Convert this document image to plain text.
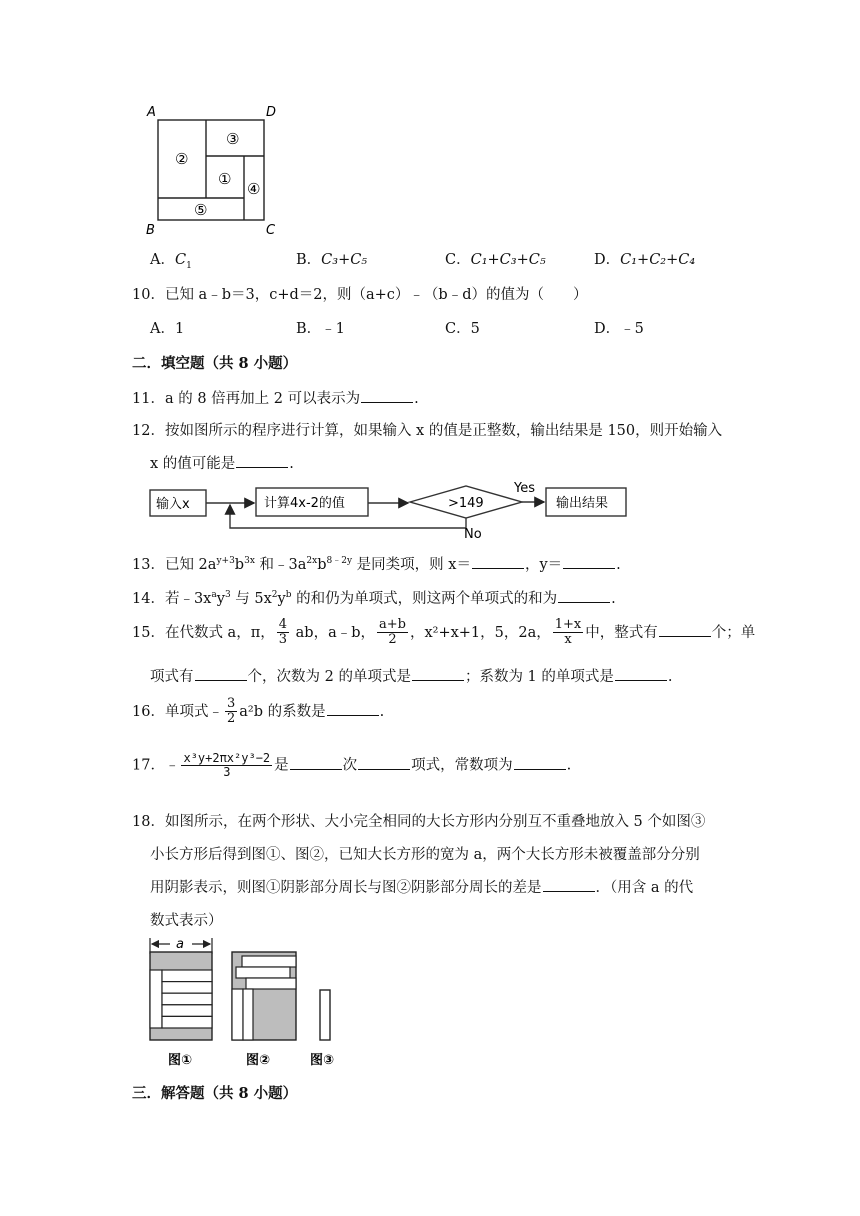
A	D
B	C
②
③
①
④
⑤
A．$C_1$	B．C₃+C₅	C．C₁+C₃+C₅	D．C₁+C₂+C₄
10．已知 a﹣b＝3，c+d＝2，则（a+c）﹣（b﹣d）的值为（　　）
A．1	B．﹣1	C．5	D．﹣5
二．填空题（共 8 小题）
11．a 的 8 倍再加上 2 可以表示为	.
12．按如图所示的程序进行计算，如果输入 x 的值是正整数，输出结果是 150，则开始输入
x 的值可能是	.
输入x	计算4x-2的值	>149
Yes
No
输出结果
13．已知 $2a^{y+3}b^{3x}$ 和$﹣3a^{2x}b^{8﹣2y}$ 是同类项，则 x＝	，y＝	.
14．若$﹣3x^ay^3$ 与 $5x^2y^b$ 的和仍为单项式，则这两个单项式的和为	.
15．在代数式 a，π， $\frac{4}{3}$ ab，a﹣b， $\frac{a+b}{2}$ ，x²+x+1，5，2a， $\frac{1+x}{x}$ 中，整式有	个；单
项式有	个，次数为 2 的单项式是	；系数为 1 的单项式是	.
16．单项式﹣ $\frac{3}{2} a^2b$ 的系数是	.
17．﹣ $\frac{\text{x³y+2πx²y³−2}}{3}$ 是	次	项式，常数项为	.
18．如图所示，在两个形状、大小完全相同的大长方形内分别互不重叠地放入 5 个如图③
小长方形后得到图①、图②，已知大长方形的宽为 a，两个大长方形未被覆盖部分分别
用阴影表示，则图①阴影部分周长与图②阴影部分周长的差是	．（用含 a 的代
数式表示）
a
图①	图②	图③
三．解答题（共 8 小题）
